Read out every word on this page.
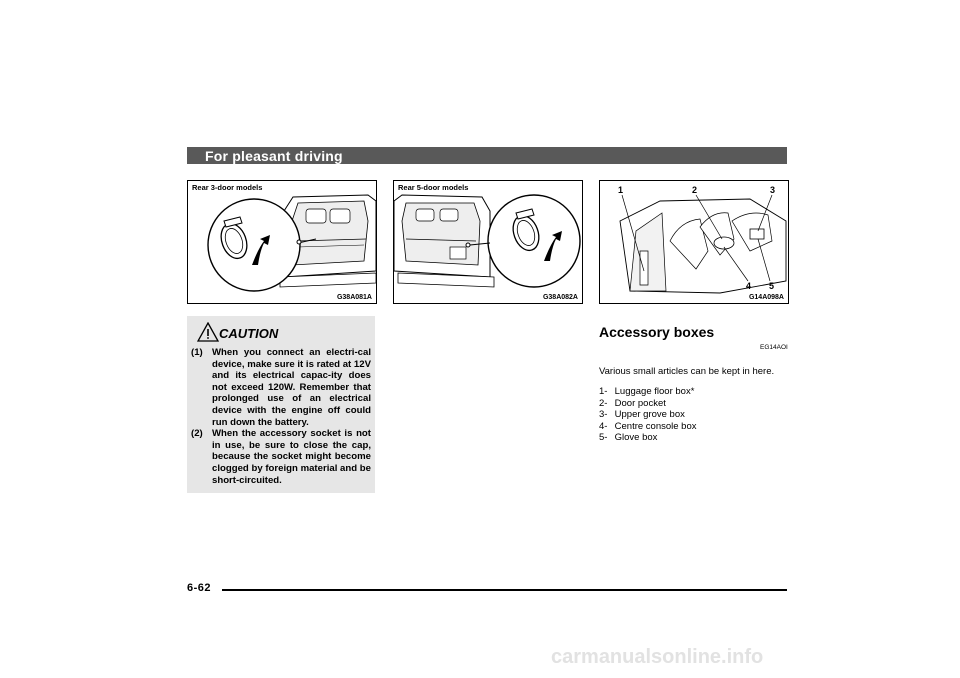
For pleasant driving
Rear 3-door models
G38A081A
Rear 5-door models
G38A082A
1	2	3
4 5
G14A098A
CAUTION
(1) When you connect an electri-cal device, make sure it is rated at 12V and its electrical capac-ity does not exceed 120W. Remember that prolonged use of an electrical device with the engine off could run down the battery.
(2) When the accessory socket is not in use, be sure to close the cap, because the socket might become clogged by foreign material and be short-circuited.
Accessory boxes
EG14AOI
Various small articles can be kept in here.
1- Luggage floor box*
2- Door pocket
3- Upper grove box
4- Centre console box
5- Glove box
6-62
carmanualsonline.info
